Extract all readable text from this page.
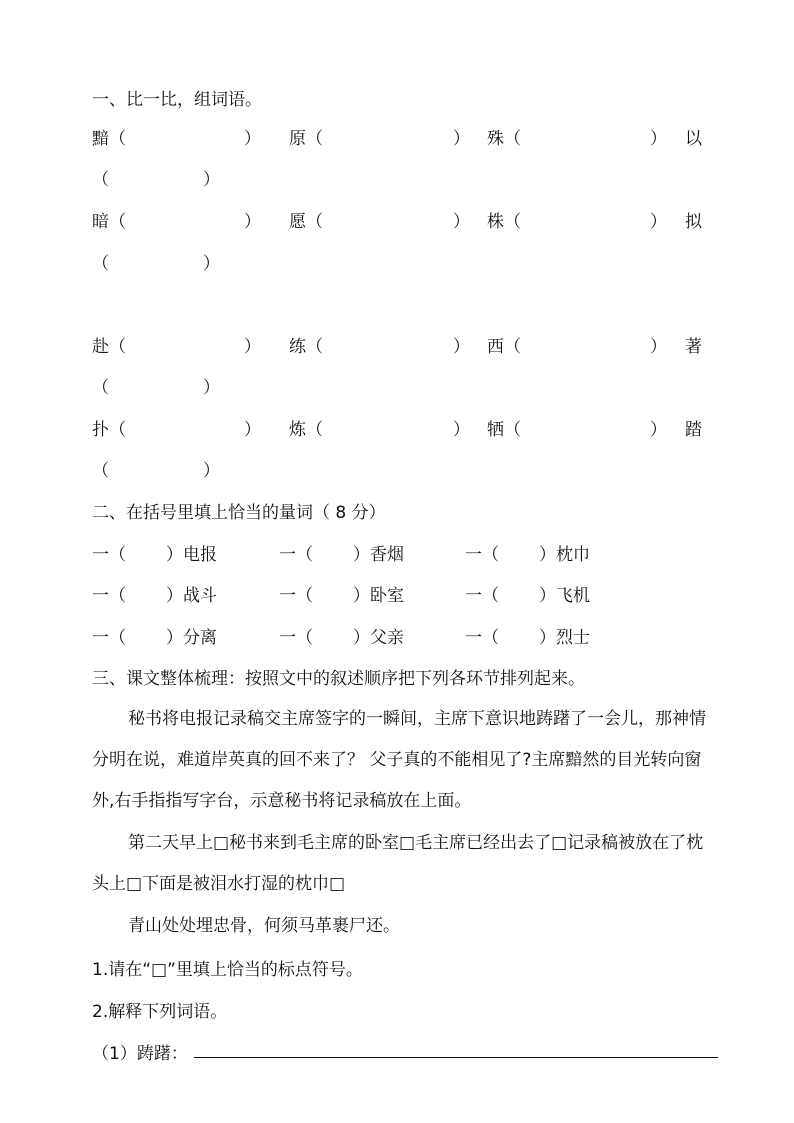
一、比一比，组词语。
黯（	） 原（	） 殊（	） 以
（	）
暗（	） 愿（	） 株（	） 拟
（	）
赴（	） 练（	） 西（	） 著
（	）
扑（	） 炼（	） 牺（	） 踏
（	）
二、在括号里填上恰当的量词（ 8 分）
一（ ）电报	一（ ）香烟	一（ ）枕巾
一（ ）战斗	一（ ）卧室	一（ ）飞机
一（ ）分离	一（ ）父亲	一（ ）烈士
三、课文整体梳理：按照文中的叙述顺序把下列各环节排列起来。
秘书将电报记录稿交主席签字的一瞬间，主席下意识地踌躇了一会儿，那神情分明在说，难道岸英真的回不来了？ 父子真的不能相见了?主席黯然的目光转向窗外,右手指指写字台，示意秘书将记录稿放在上面。
第二天早上□秘书来到毛主席的卧室□毛主席已经出去了□记录稿被放在了枕头上□下面是被泪水打湿的枕巾□
青山处处埋忠骨，何须马革裹尸还。
1.请在“□”里填上恰当的标点符号。
2.解释下列词语。
（1）踌躇：
